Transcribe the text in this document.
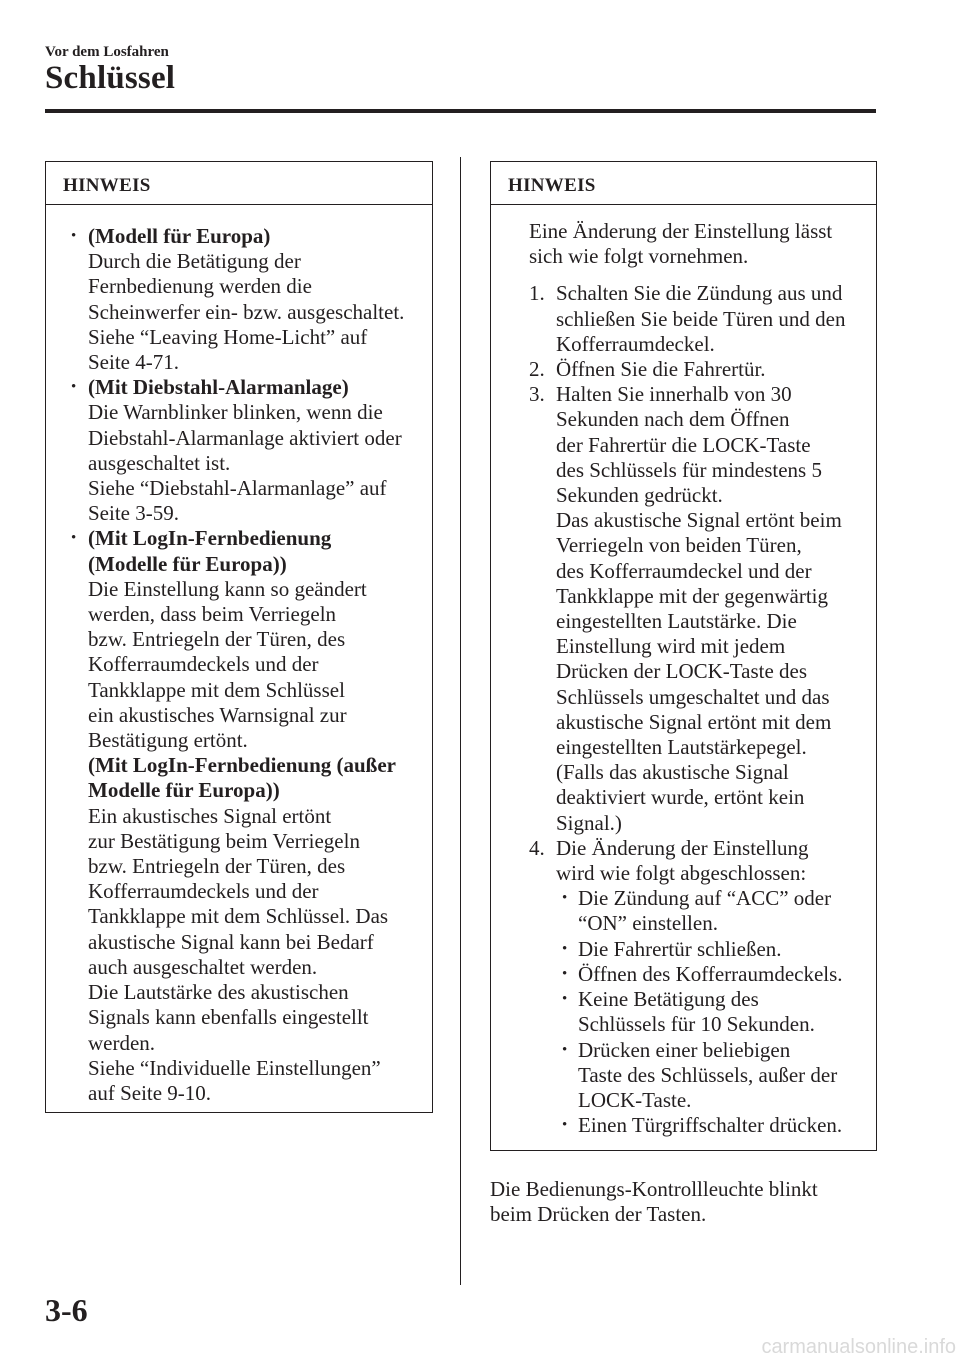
Vor dem Losfahren
Schlüssel
HINWEIS
• (Modell für Europa)
Durch die Betätigung der
Fernbedienung werden die
Scheinwerfer ein- bzw. ausgeschaltet.
Siehe “Leaving Home-Licht” auf
Seite 4-71.
• (Mit Diebstahl-Alarmanlage)
Die Warnblinker blinken, wenn die
Diebstahl-Alarmanlage aktiviert oder
ausgeschaltet ist.
Siehe “Diebstahl-Alarmanlage” auf
Seite 3-59.
• (Mit LogIn-Fernbedienung
(Modelle für Europa))
Die Einstellung kann so geändert
werden, dass beim Verriegeln
bzw. Entriegeln der Türen, des
Kofferraumdeckels und der
Tankklappe mit dem Schlüssel
ein akustisches Warnsignal zur
Bestätigung ertönt.
(Mit LogIn-Fernbedienung (außer
Modelle für Europa))
Ein akustisches Signal ertönt
zur Bestätigung beim Verriegeln
bzw. Entriegeln der Türen, des
Kofferraumdeckels und der
Tankklappe mit dem Schlüssel. Das
akustische Signal kann bei Bedarf
auch ausgeschaltet werden.
Die Lautstärke des akustischen
Signals kann ebenfalls eingestellt
werden.
Siehe “Individuelle Einstellungen”
auf Seite 9-10.
HINWEIS
Eine Änderung der Einstellung lässt
sich wie folgt vornehmen.
1. Schalten Sie die Zündung aus und
schließen Sie beide Türen und den
Kofferraumdeckel.
2. Öffnen Sie die Fahrertür.
3. Halten Sie innerhalb von 30
Sekunden nach dem Öffnen
der Fahrertür die LOCK-Taste
des Schlüssels für mindestens 5
Sekunden gedrückt.
Das akustische Signal ertönt beim
Verriegeln von beiden Türen,
des Kofferraumdeckel und der
Tankklappe mit der gegenwärtig
eingestellten Lautstärke. Die
Einstellung wird mit jedem
Drücken der LOCK-Taste des
Schlüssels umgeschaltet und das
akustische Signal ertönt mit dem
eingestellten Lautstärkepegel.
(Falls das akustische Signal
deaktiviert wurde, ertönt kein
Signal.)
4. Die Änderung der Einstellung
wird wie folgt abgeschlossen:
• Die Zündung auf “ACC” oder
“ON” einstellen.
• Die Fahrertür schließen.
• Öffnen des Kofferraumdeckels.
• Keine Betätigung des
Schlüssels für 10 Sekunden.
• Drücken einer beliebigen
Taste des Schlüssels, außer der
LOCK-Taste.
• Einen Türgriffschalter drücken.
Die Bedienungs-Kontrollleuchte blinkt
beim Drücken der Tasten.
3-6
carmanualsonline.info
